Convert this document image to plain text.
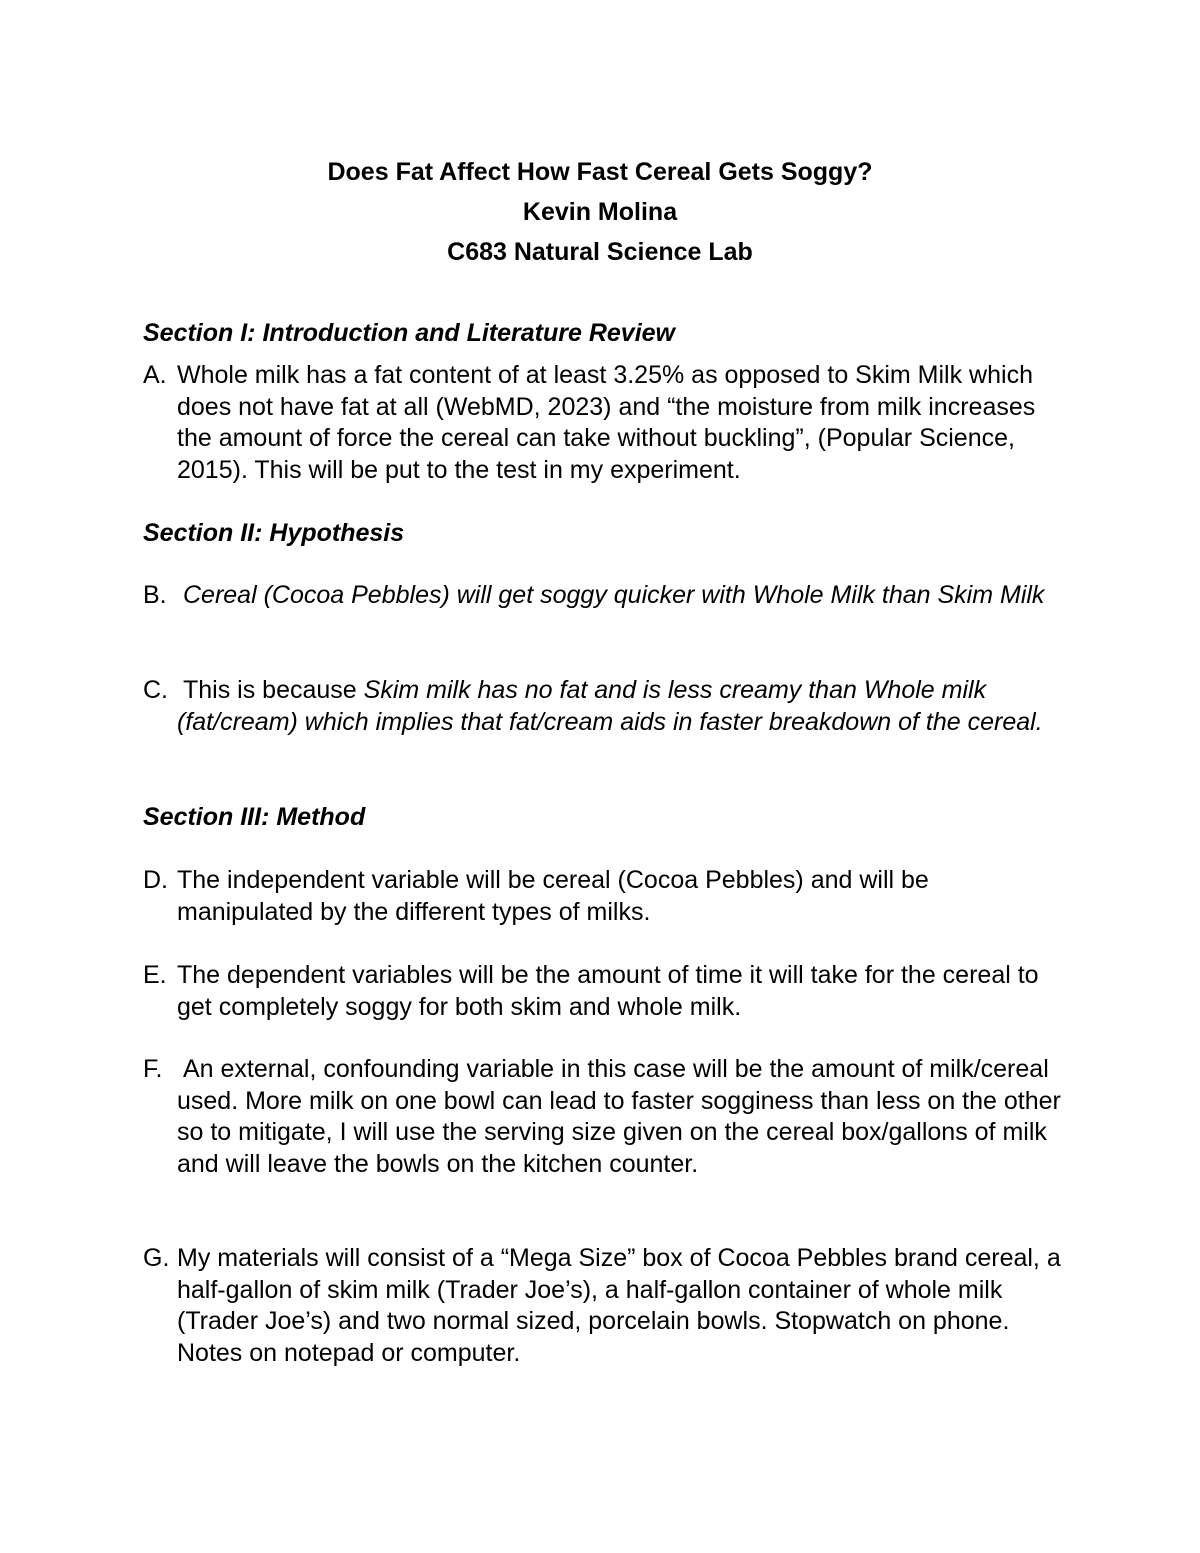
Does Fat Affect How Fast Cereal Gets Soggy?
Kevin Molina
C683 Natural Science Lab
Section I: Introduction and Literature Review
A. Whole milk has a fat content of at least 3.25% as opposed to Skim Milk which does not have fat at all (WebMD, 2023) and “the moisture from milk increases the amount of force the cereal can take without buckling”, (Popular Science, 2015). This will be put to the test in my experiment.
Section II: Hypothesis
B. Cereal (Cocoa Pebbles) will get soggy quicker with Whole Milk than Skim Milk
C. This is because Skim milk has no fat and is less creamy than Whole milk (fat/cream) which implies that fat/cream aids in faster breakdown of the cereal.
Section III: Method
D. The independent variable will be cereal (Cocoa Pebbles) and will be manipulated by the different types of milks.
E. The dependent variables will be the amount of time it will take for the cereal to get completely soggy for both skim and whole milk.
F. An external, confounding variable in this case will be the amount of milk/cereal used. More milk on one bowl can lead to faster sogginess than less on the other so to mitigate, I will use the serving size given on the cereal box/gallons of milk and will leave the bowls on the kitchen counter.
G. My materials will consist of a “Mega Size” box of Cocoa Pebbles brand cereal, a half-gallon of skim milk (Trader Joe’s), a half-gallon container of whole milk (Trader Joe’s) and two normal sized, porcelain bowls. Stopwatch on phone. Notes on notepad or computer.
